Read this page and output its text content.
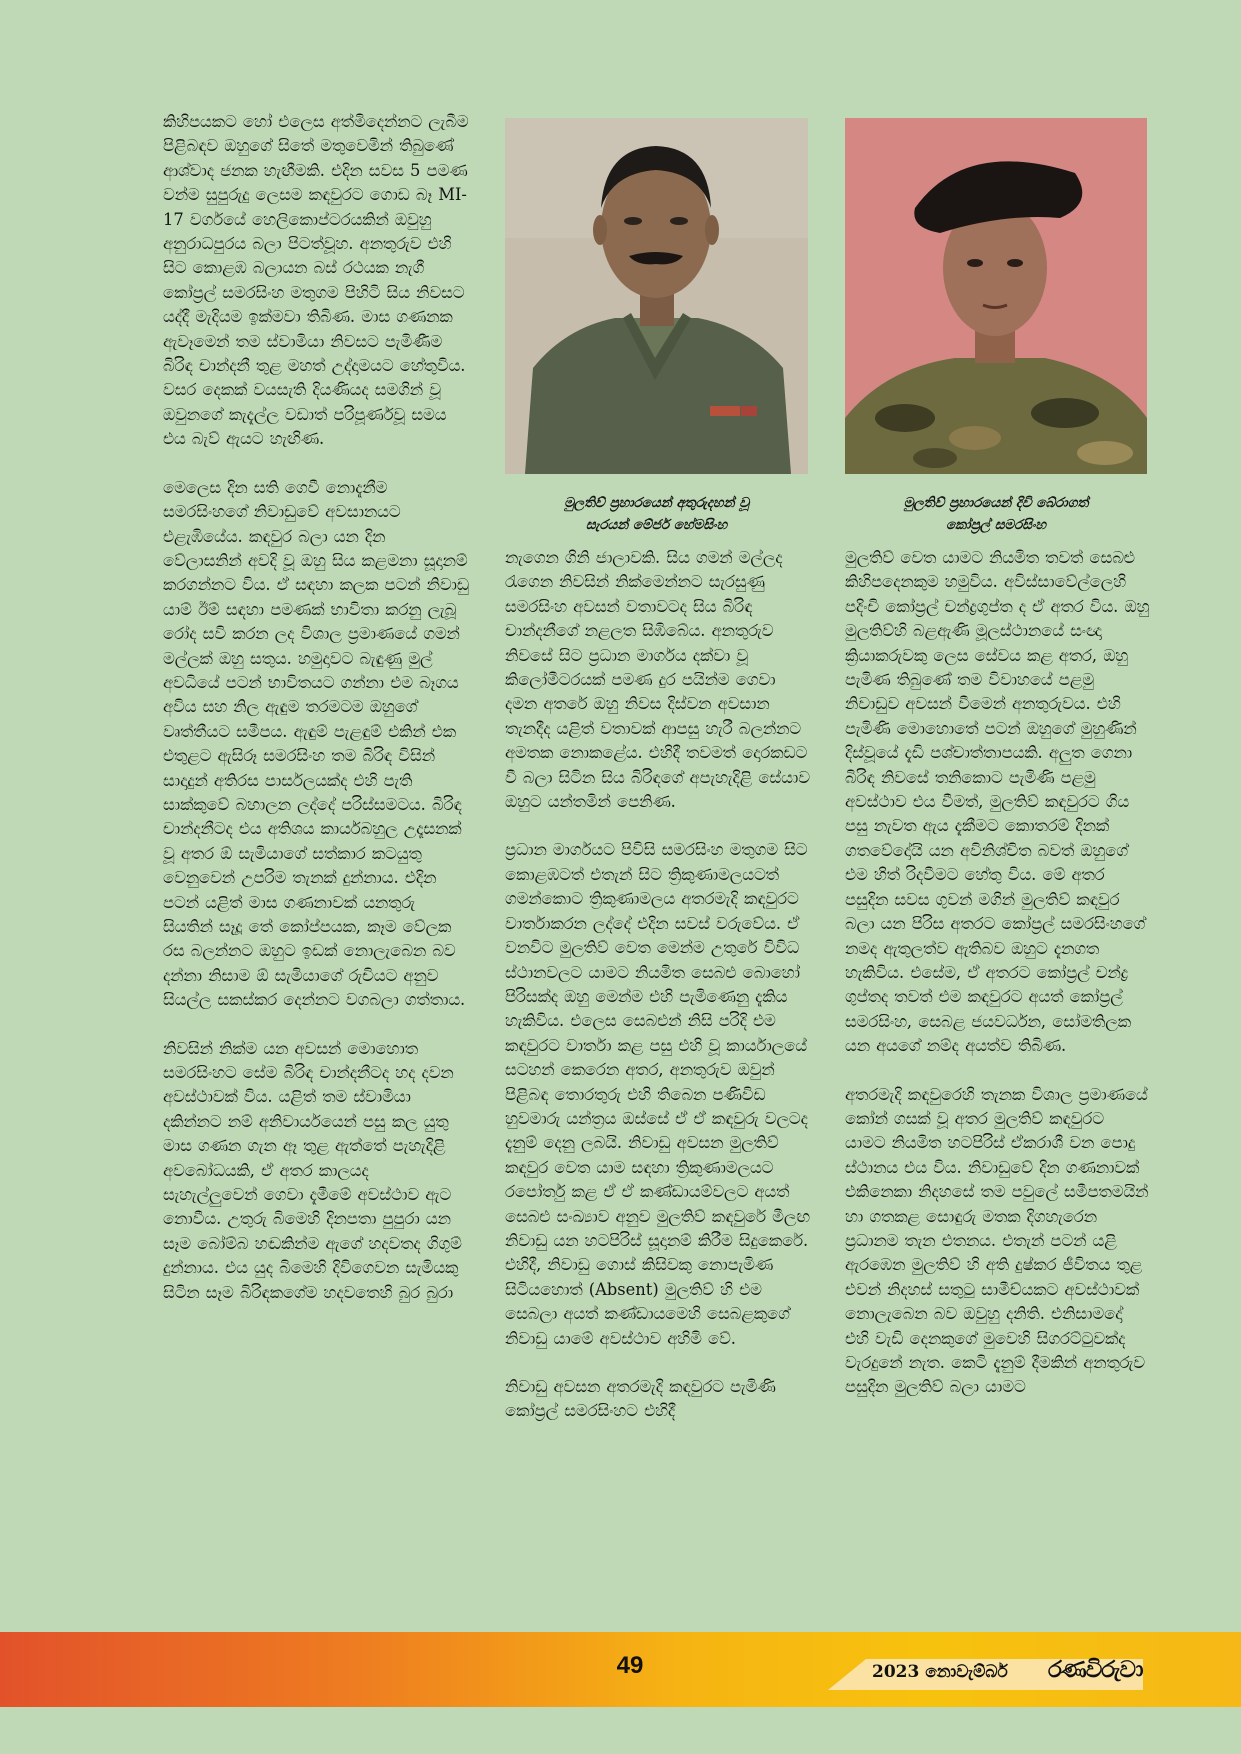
කිහිපයකට හෝ එලෙස අත්මිදෙන්නට ලැබීම පිළිබඳව ඔහුගේ සිතේ මතුවෙමින් තිබුණේ ආශ්වාද ජනක හැඟීමකි. එදින සවස 5 පමණ වන්ම සුපුරුදු ලෙසම කඳවුරට ගොඩ බෑ MI-17 වර්ගයේ හෙලිකොප්ටරයකින් ඔවුහු අනුරාධපුරය බලා පිටත්වූහ. අනතුරුව එහි සිට කොළඹ බලායන බස් රථයක නැගී කෝප්‍රල් සමරසිංහ මතුගම පිහිටි සිය නිවසට යද්දී මැදියම ඉක්මවා තිබිණ. මාස ගණනක ඇවෑමෙන් තම ස්වාමියා නිවසට පැමිණීම බිරිඳ චාන්දනී තුළ මහත් උද්දාමයට හේතුවිය. වසර දෙකක් වයසැති දියණියද සමගින් වූ ඔවුනගේ කැදැල්ල වඩාත් පරිපූර්ණවූ සමය එය බැව් ඇයට හැඟිණ.

මෙලෙස දින සති ගෙවී නොදැනීම සමරසිංහගේ නිවාඩුවේ අවසානයට එළැඹියේය. කඳවුර බලා යන දින වේලාසනින් අවදි වූ ඔහු සිය කළමනා සූදානම් කරගන්නට විය. ඒ සඳහා කලක පටන් නිවාඩු යාම් ඊම් සඳහා පමණක් භාවිතා කරනු ලැබූ රෝද සවි කරන ලද විශාල ප්‍රමාණයේ ගමන් මල්ලක් ඔහු සතුය. හමුදාවට බැඳුණු මුල් අවධියේ පටන් භාවිතයට ගන්නා එම බෑගය අවිය සහ නිල ඇඳුම තරමටම ඔහුගේ වෘත්තීයට සමීපය. ඇඳුම් පැළඳුම් එකින් එක එතුළට ඇසිරූ සමරසිංහ තම බිරිඳ විසින් සාදාදුන් අතිරස පාර්සලයක්ද එහි පැති සාක්කුවේ බහාලන ලද්දේ පරිස්සමටය. බිරිඳ චාන්දනීටද එය අතිශය කාර්යබහුල උදෑසනක් වූ අතර ඕ සැමියාගේ සත්කාර කටයුතු වෙනුවෙන් උපරිම තැනක් දුන්නාය. එදින පටන් යළිත් මාස ගණනාවක් යනතුරු සියතින් සෑදූ තේ කෝප්පයක, කෑම වේලක රස බලන්නට ඔහුට ඉඩක් නොලැබෙන බව දන්නා නිසාම ඕ සැමියාගේ රුචියට අනුව සියල්ල සකස්කර දෙන්නට වගබලා ගත්තාය.

නිවසින් නික්ම යන අවසන් මොහොත සමරසිංහට සේම බිරිඳ චාන්දනීටද හද දවන අවස්ථාවක් විය. යළිත් තම ස්වාමියා දකින්නට නම් අනිවාර්යයෙන් පසු කල යුතු මාස ගණන ගැන ඈ තුළ ඇත්තේ පැහැදිළි අවබෝධයකි, ඒ අතර කාලයද සැහැල්ලුවෙන් ගෙවා දැමීමේ අවස්ථාව ඇට නොවීය. උතුරු බිමෙහි දිනපතා පුපුරා යන සෑම බෝම්බ හඬකින්ම ඇගේ හදවතද ගිගුම් දුන්නාය. එය යුද බිමෙහි දිවිගෙවන සැමියකු සිටින සෑම බිරිඳකගේම හදවතෙහි බුර බුරා

මුලතිව් ප්‍රහාරයෙන් අතුරුදහන් වූ
සැරයන් මේජර් හේමසිංහ
මුලතිව් ප්‍රහාරයෙන් දිවි බේරාගත්
කෝප්‍රල් සමරසිංහ

නැගෙන ගිනි ජාලාවකි. සිය ගමන් මල්ලද රැගෙන නිවසින් නික්මෙන්නට සැරසුණු සමරසිංහ අවසන් වතාවටද සිය බිරිඳ චාන්දනීගේ නළලත සිඹිබේය. අනතුරුව නිවසේ සිට ප්‍රධාන මාර්ගය දක්වා වූ කිලෝමීටරයක් පමණ දුර පයින්ම ගෙවා දමන අතරේ ඔහු නිවස දිස්වන අවසාන තැනදීද යළිත් වතාවක් ආපසු හැරී බලන්නට අමතක නොකළේය. එහිදී තවමත් දොරකඩට වී බලා සිටින සිය බිරිඳගේ අපැහැදිළි සේයාව ඔහුට යන්තමින් පෙනිණ.

ප්‍රධාන මාර්ගයට පිවිසි සමරසිංහ මතුගම සිට කොළඹටත් එතැන් සිට ත්‍රිකුණාමලයටත් ගමන්කොට ත්‍රිකුණාමලය අතරමැදි කඳවුරට වාර්තාකරන ලද්දේ එදින සවස් වරුවේය. ඒ වනවිට මුලතිව් වෙත මෙන්ම උතුරේ විවිධ ස්ථානවලට යාමට නියමිත සෙබළු බොහෝ පිරිසක්ද ඔහු මෙන්ම එහි පැමිණෙනු දැකිය හැකිවිය. එලෙස සෙබළුන් නිසි පරිදි එම කඳවුරට වාර්තා කළ පසු එහි වූ කාර්යාලයේ සටහන් කෙරෙන අතර, අනතුරුව ඔවුන් පිළිබඳ තොරතුරු එහි තිබෙන පණිවිඩ හුවමාරු යන්ත්‍රය ඔස්සේ ඒ ඒ කඳවුරු වලටද දැනුම් දෙනු ලබයි. නිවාඩු අවසන මුලතිව් කඳවුර වෙත යාම සඳහා ත්‍රිකුණාමලයට රපෝර්තු කළ ඒ ඒ කණ්ඩායම්වලට අයත් සෙබළු සංඛ්‍යාව අනුව මුලතිව් කඳවුරේ මීලඟ නිවාඩු යන හටපිරිස් සූදානම් කිරීම සිදුකෙරේ. එහිදී, නිවාඩු ගොස් කිසිවකු නොපැමිණ සිටියහොත් (Absent) මුලතිව් හි එම සෙබලා අයත් කණ්ඩායමෙහි සෙබළකුගේ නිවාඩු යාමේ අවස්ථාව අහිමි වේ.

නිවාඩු අවසන අතරමැදි කඳවුරට පැමිණි කෝප්‍රල් සමරසිංහට එහිදී

මුලතිව් වෙත යාමට නියමිත තවත් සෙබළු කිහිපදෙනකුම හමුවිය. අවිස්සාවේල්ලෙහි පදිංචි කෝප්‍රල් චන්ද්‍රගුප්ත ද ඒ අතර විය. ඔහු මුලතිව්හි බළඇණි මූලස්ථානයේ සංඥා ක්‍රියාකරුවකු ලෙස සේවය කළ අතර, ඔහු පැමිණ තිබුණේ තම විවාහයේ පළමු නිවාඩුව අවසන් වීමෙන් අනතුරුවය. එහි පැමිණි මොහොතේ පටන් ඔහුගේ මුහුණින් දිස්වූයේ දැඩි පශ්චාත්තාපයකි. අලුත ගෙනා බිරිඳ නිවසේ තනිකොට පැමිණි පළමු අවස්ථාව එය වීමත්, මුලතිව් කඳවුරට ගිය පසු නැවත ඇය දැකීමට කොතරම් දිනක් ගතවේදෝයි යන අවිනිශ්චිත බවත් ඔහුගේ එම හිත් රිදවීමට හේතු විය. මේ අතර පසුදින සවස ගුවන් මගින් මුලතිව් කඳවුර බලා යන පිරිස අතරට කෝප්‍රල් සමරසිංහගේ නමද ඇතුලත්ව ඇතිබව ඔහුට දැනගත හැකිවිය. එසේම, ඒ අතරට කෝප්‍රල් චන්ද්‍ර ගුප්තද තවත් එම කඳවුරට අයත් කෝප්‍රල් සමරසිංහ, සෙබළ ජයවර්ධන, සෝමතිලක යන අයගේ නම්ද අයත්ව තිබිණ.

අතරමැදි කඳවුරෙහි තැනක විශාල ප්‍රමාණයේ කෝන් ගසක් වූ අතර මුලතිව් කඳවුරට යාමට නියමිත හටපිරිස් ඒකරාශී වන පොදු ස්ථානය එය විය. නිවාඩුවේ දින ගණනාවක් එකිනෙකා නිදහසේ තම පවුලේ සමීපතමයින් හා ගතකළ සොඳුරු මතක දිගහැරෙන ප්‍රධානම තැන එතනය. එතැන් පටන් යළි ඇරඹෙන මුලතිව් හි අති දුෂ්කර ජීවිතය තුළ එවන් නිදහස් සතුටු සාමීච්යකට අවස්ථාවක් නොලැබෙන බව ඔවුහු දනිති. එනිසාමදෝ එහි වැඩි දෙනකුගේ මුවෙහි සිගරට්ටුවක්ද වැරදුනේ නැත. කෙටි දැනුම් දීමකින් අනතුරුව පසුදින මුලතිව් බලා යාමට

49	2023 නොවැම්බර් රණවිරුවා
